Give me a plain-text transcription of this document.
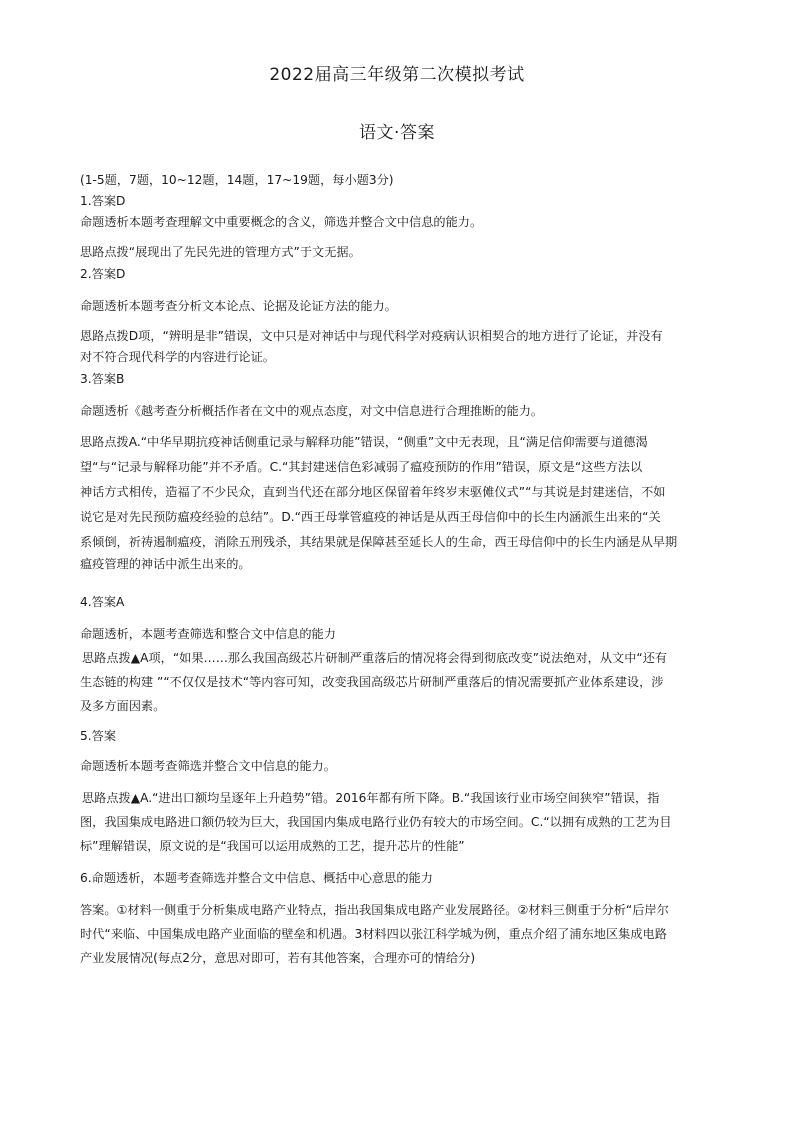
2022届高三年级第二次模拟考试
语文·答案
(1-5题，7题，10~12题，14题，17~19题，每小题3分)
1.答案D
命题透析本题考查理解文中重要概念的含义，筛选并整合文中信息的能力。
思路点拨“展现出了先民先进的管理方式”于文无据。
2.答案D
命题透析本题考查分析文本论点、论据及论证方法的能力。
恩路点拨D项，“辨明是非”错误，文中只是对神话中与现代科学对疫病认识相契合的地方进行了论证，并没有
对不符合现代科学的内容进行论证。
3.答案B
命题透析《越考查分析概括作者在文中的观点态度，对文中信息进行合理推断的能力。
思路点拨A.“中华早期抗疫神话侧重记录与解释功能”错误，“侧重”文中无表现，且“满足信仰需要与道德渴
望“与“记录与解释功能”并不矛盾。C.“其封建迷信色彩减弱了瘟疫预防的作用”错误，原文是“这些方法以
神话方式相传，造福了不少民众，直到当代还在部分地区保留着年终岁末驱傩仪式”“与其说是封建迷信，不如
说它是对先民预防瘟疫经验的总结”。D.“西王母掌管瘟疫的神话是从西王母信仰中的长生内涵派生出来的“关
系倾倒，祈祷遏制瘟疫，消除五刑残杀，其结果就是保障甚至延长人的生命，西王母信仰中的长生内涵是从早期
瘟疫管理的神话中派生出来的。
4.答案A
命题透析，本题考查筛选和整合文中信息的能力
思路点拨▲A项，“如果……那么我国高级芯片研制严重落后的情况将会得到彻底改变”说法绝对，从文中“还有
生态链的构建 ”“不仅仅是技术“等内容可知，改变我国高级芯片研制严重落后的情况需要抓产业体系建设，涉
及多方面因素。
5.答案
命题透析本题考查筛选并整合文中信息的能力。
思路点拨▲A.“进出口额均呈逐年上升趋势”错。2016年都有所下降。B.“我国该行业市场空间狭窄”错误，指
图，我国集成电路进口额仍较为巨大，我国国内集成电路行业仍有较大的市场空间。C.“以拥有成熟的工艺为目
标”理解错误，原文说的是“我国可以运用成熟的工艺，提升芯片的性能”
6.命题透析，本题考查筛选并整合文中信息、概括中心意思的能力
答案。①材料一侧重于分析集成电路产业特点，指出我国集成电路产业发展路径。②材料三侧重于分析“后岸尔
时代“来临、中国集成电路产业面临的壁垒和机遇。3材料四以张江科学城为例，重点介绍了浦东地区集成电路
产业发展情况(每点2分，意思对即可，若有其他答案，合理亦可的情给分)
